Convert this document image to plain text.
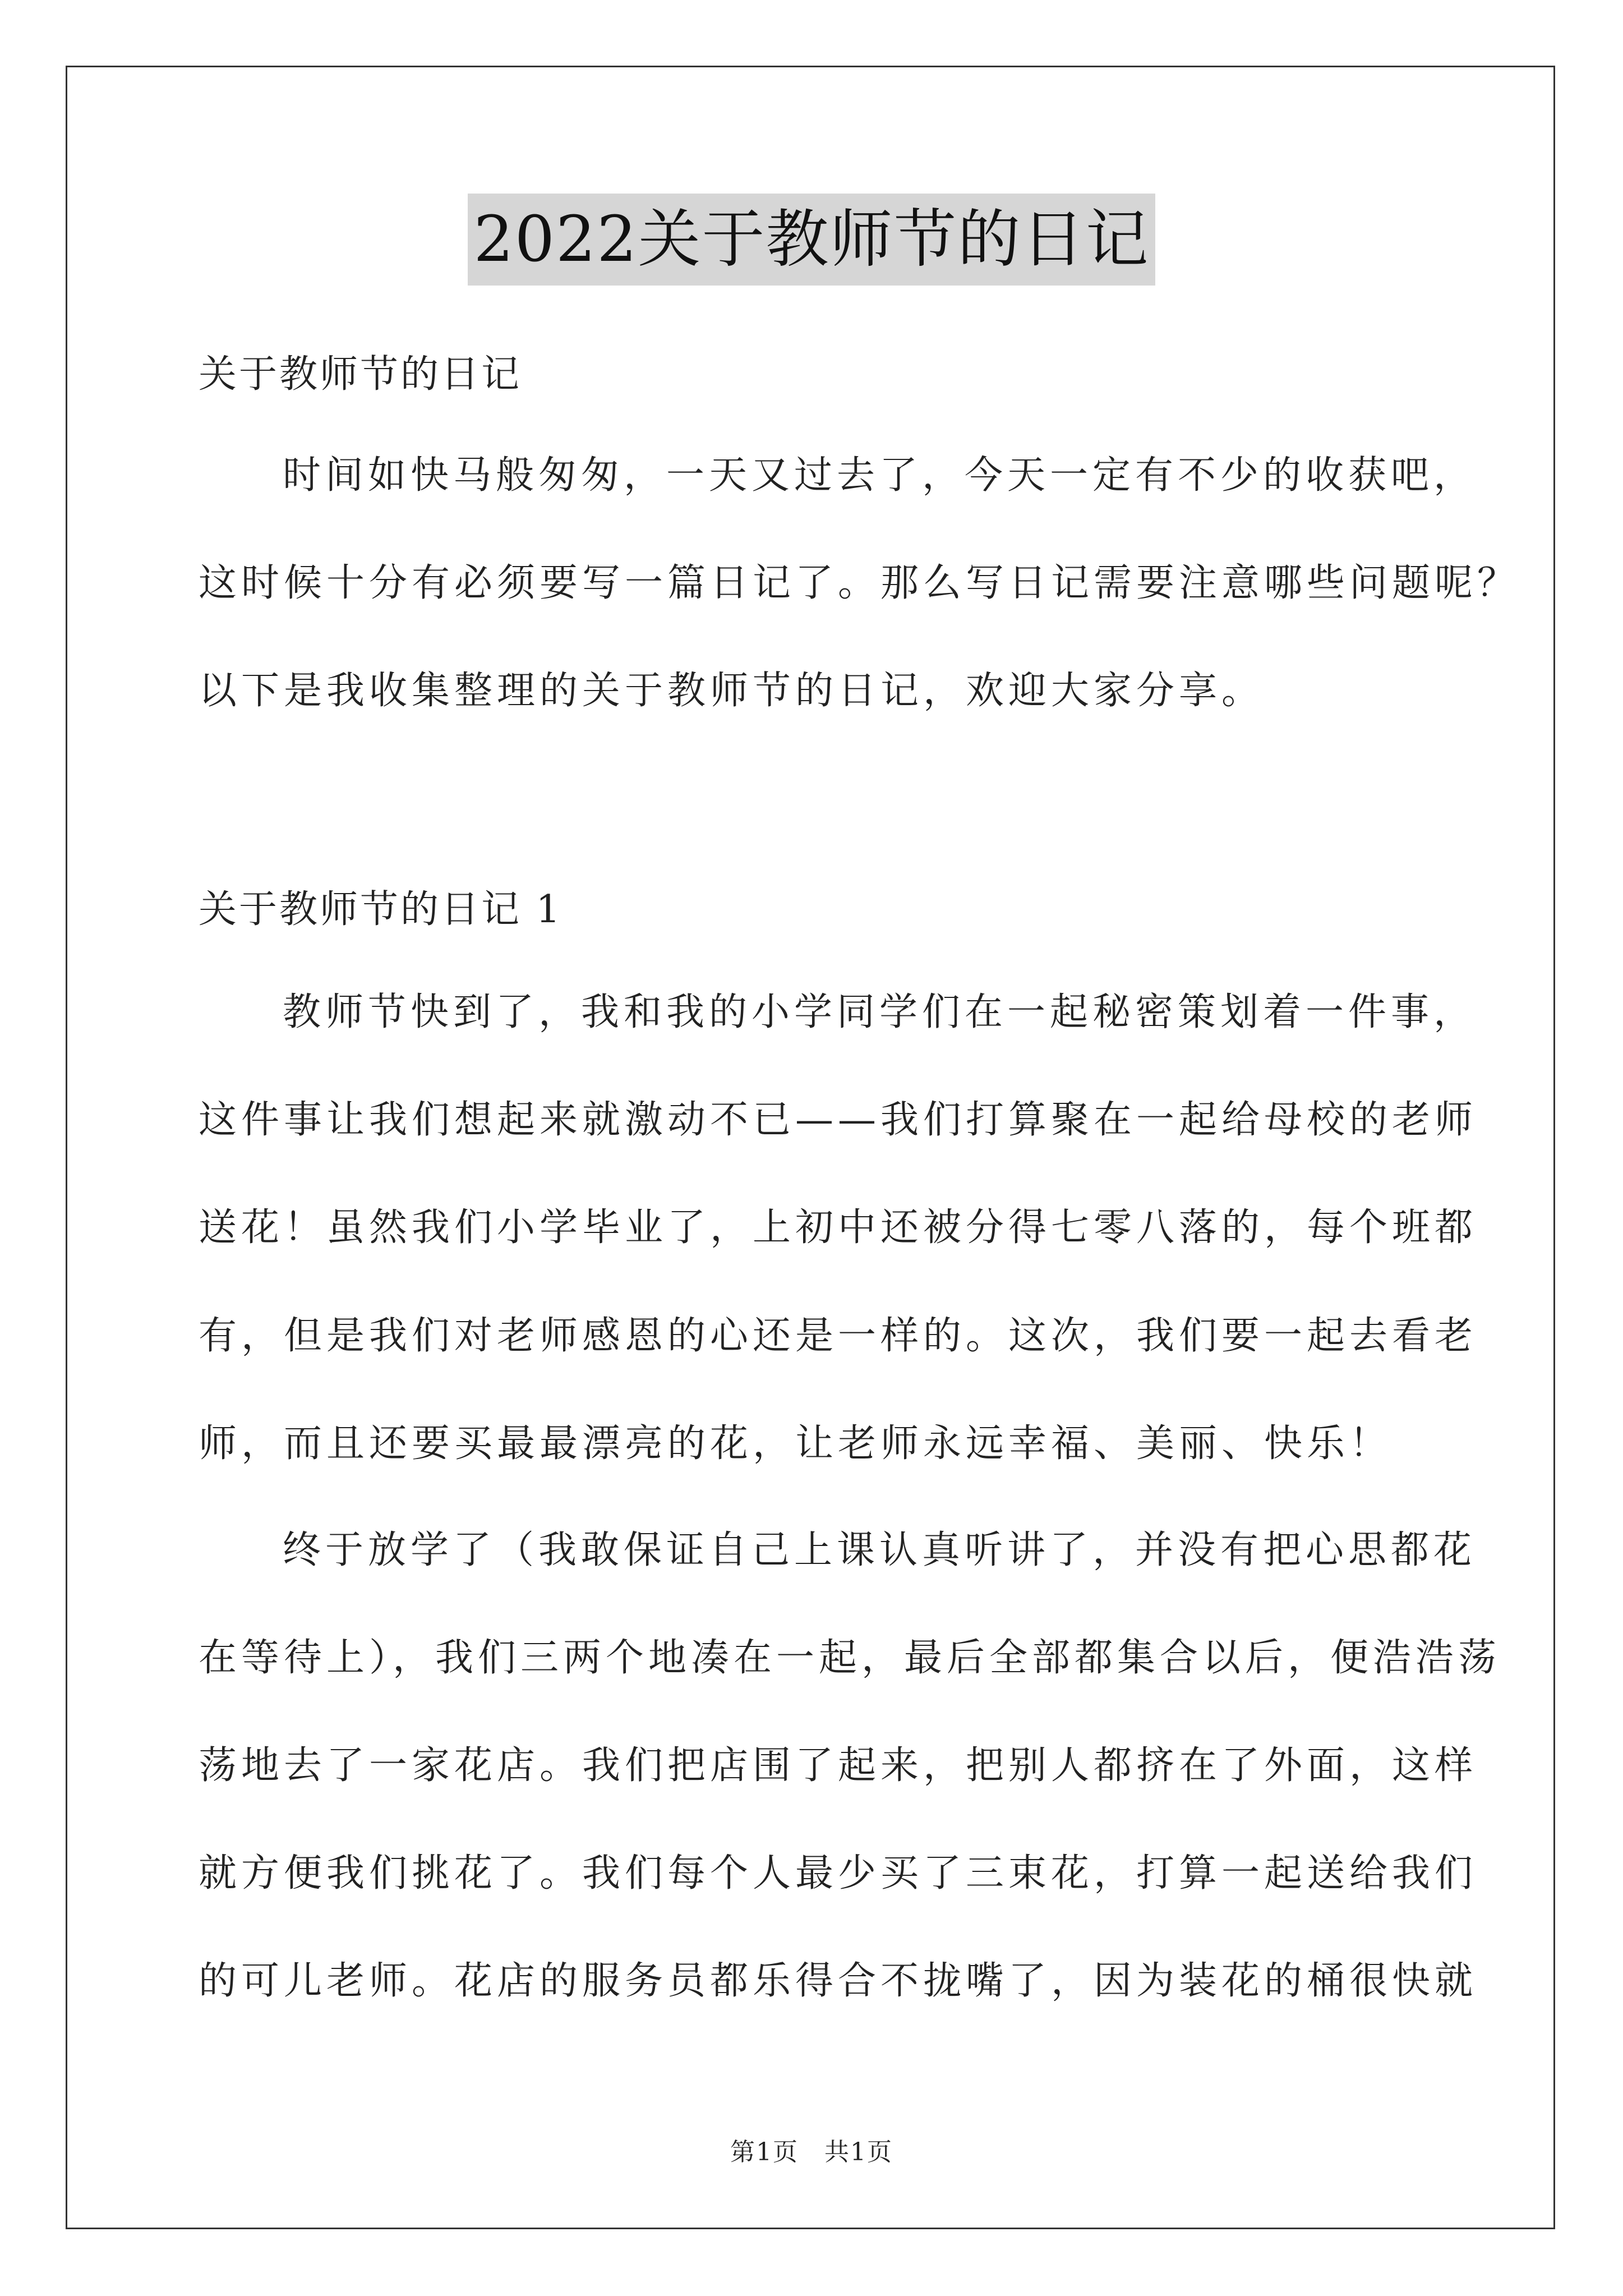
2022关于教师节的日记
关于教师节的日记
时间如快马般匆匆，一天又过去了，今天一定有不少的收获吧，
这时候十分有必须要写一篇日记了。那么写日记需要注意哪些问题呢？
以下是我收集整理的关于教师节的日记，欢迎大家分享。
关于教师节的日记 1
教师节快到了，我和我的小学同学们在一起秘密策划着一件事，
这件事让我们想起来就激动不已——我们打算聚在一起给母校的老师
送花！虽然我们小学毕业了，上初中还被分得七零八落的，每个班都
有，但是我们对老师感恩的心还是一样的。这次，我们要一起去看老
师，而且还要买最最漂亮的花，让老师永远幸福、美丽、快乐！
终于放学了（我敢保证自己上课认真听讲了，并没有把心思都花
在等待上），我们三两个地凑在一起，最后全部都集合以后，便浩浩荡
荡地去了一家花店。我们把店围了起来，把别人都挤在了外面，这样
就方便我们挑花了。我们每个人最少买了三束花，打算一起送给我们
的可儿老师。花店的服务员都乐得合不拢嘴了，因为装花的桶很快就
第1页　共1页
